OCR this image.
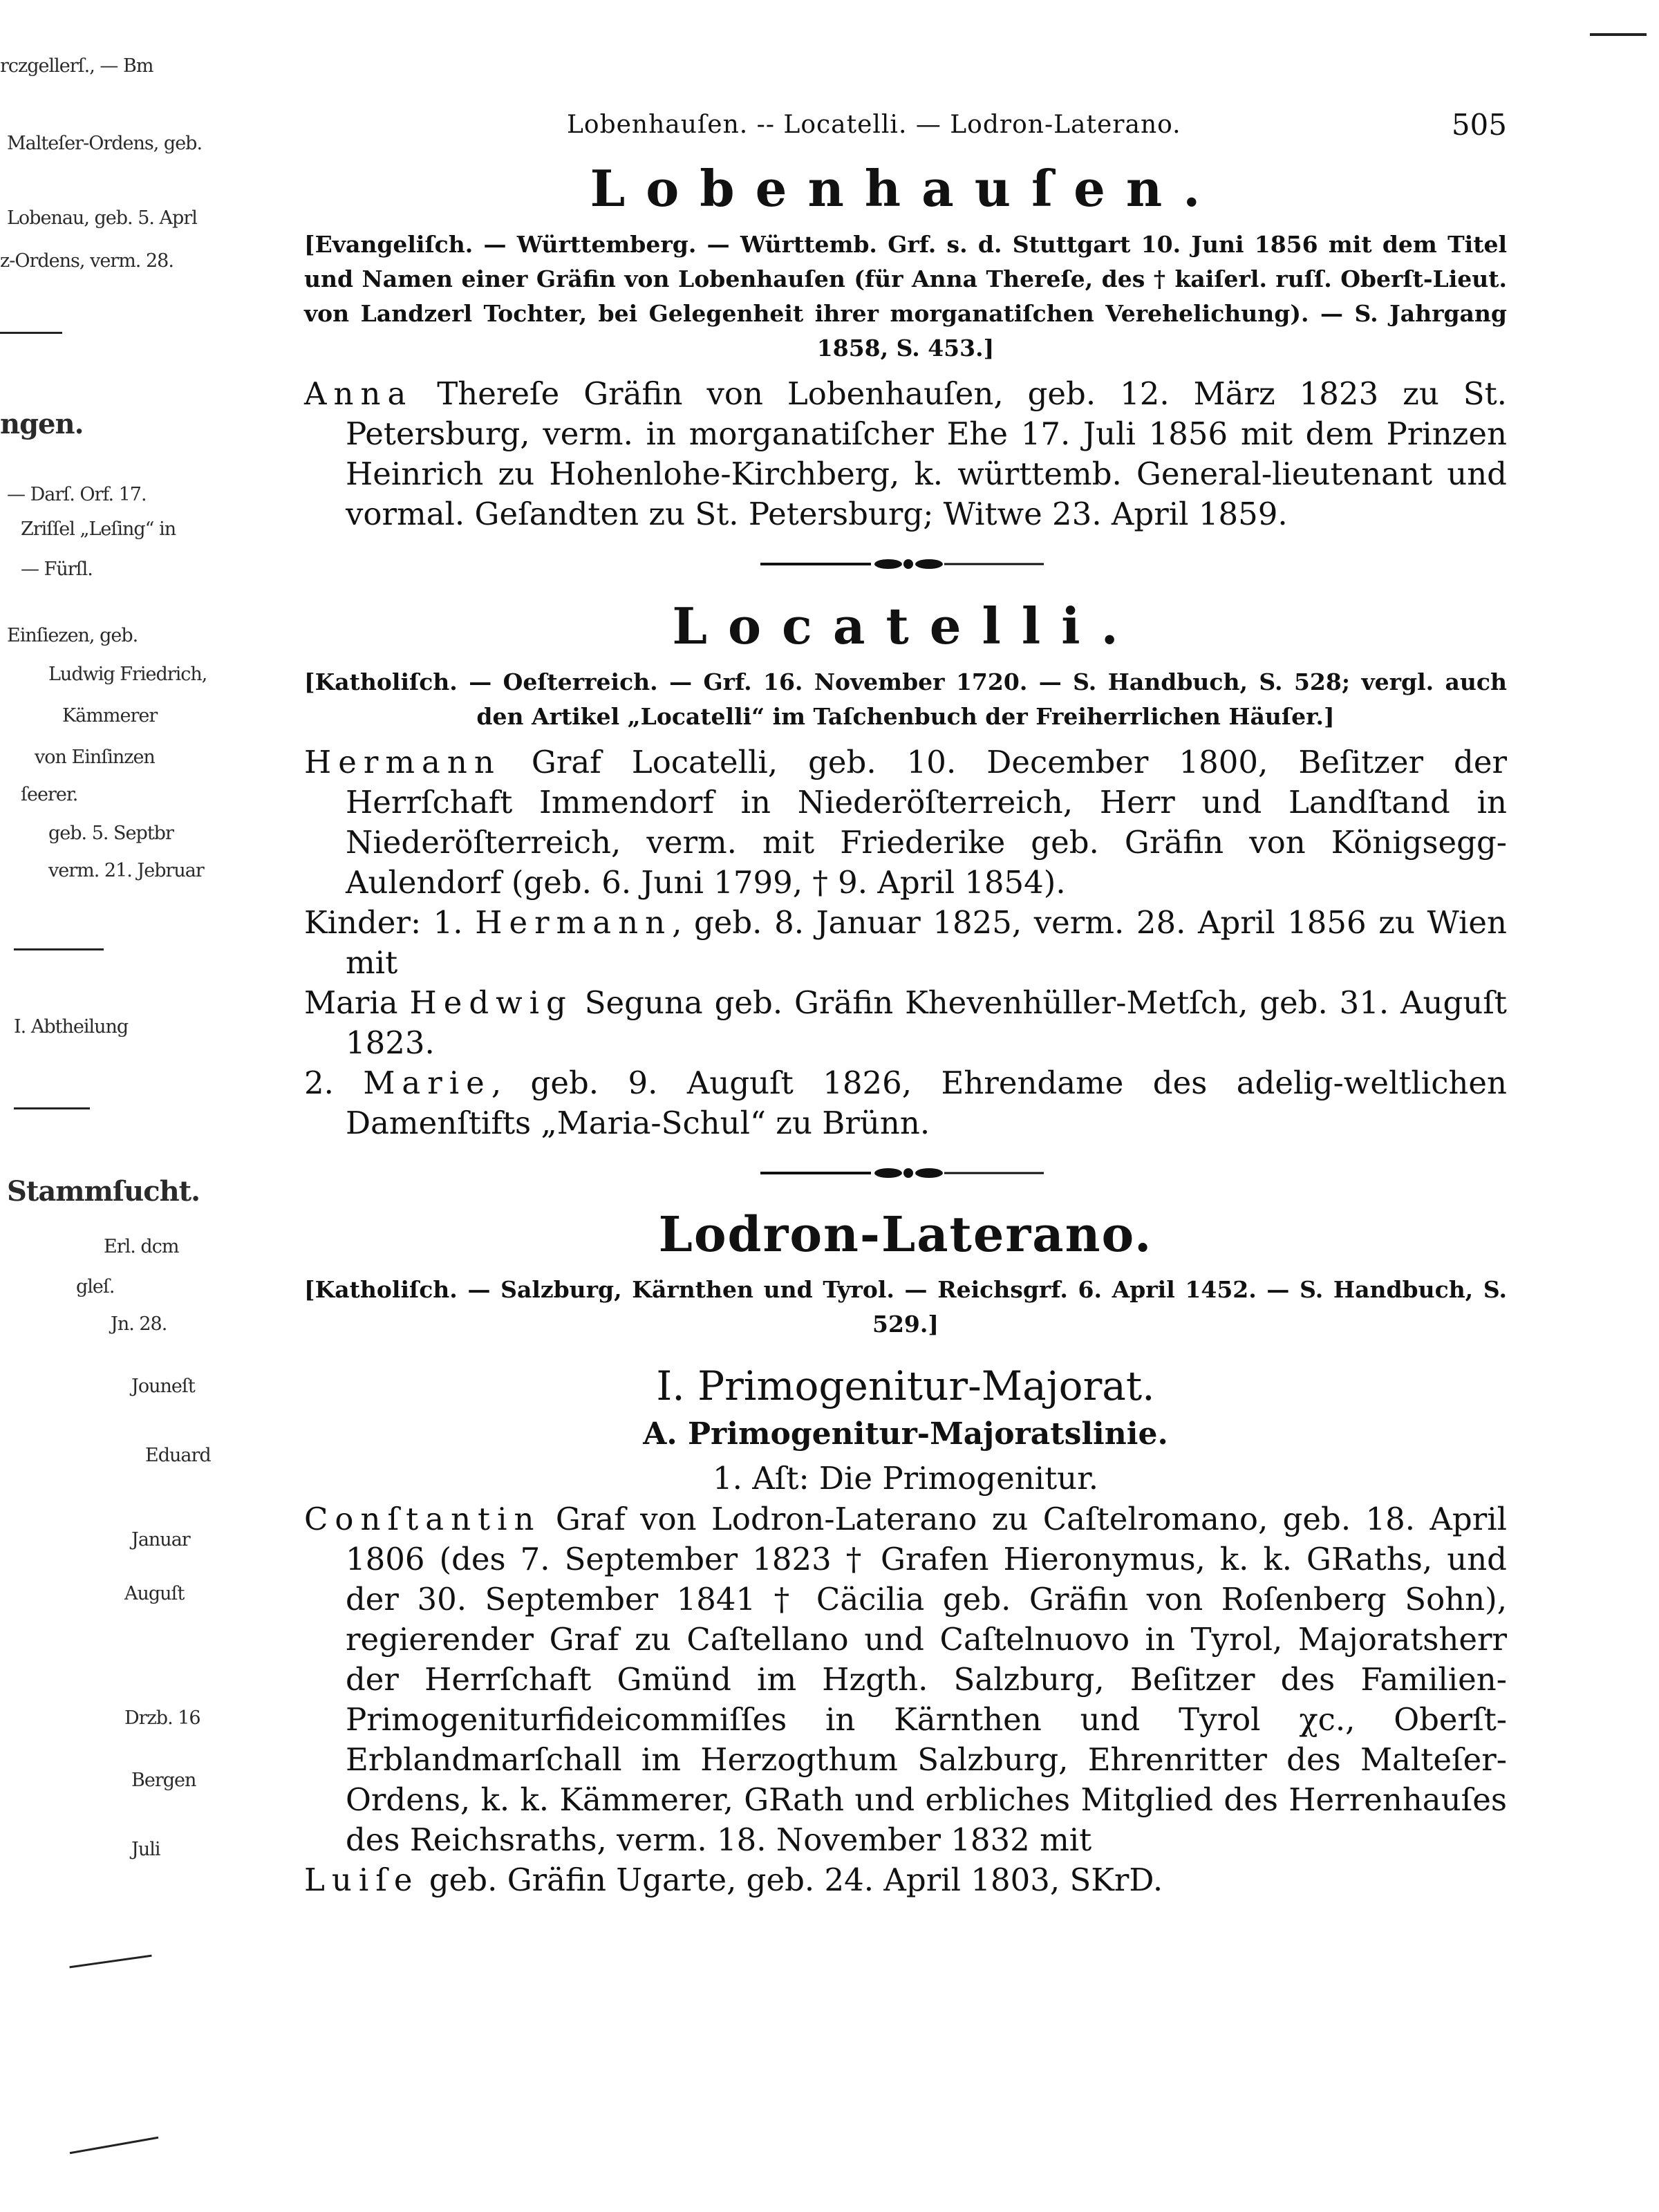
rczgellerſ., — Bm
Malteſer-Ordens, geb.
Lobenau, geb. 5. Aprl
z-Ordens, verm. 28.
ngen.
— Darſ. Orf. 17.
Zriſſel „Leſing“ in
— Fürſl.
Einſiezen, geb.
Ludwig Friedrich,
Kämmerer
von Einſinzen
ſeerer.
geb. 5. Septbr
verm. 21. Jebruar
I. Abtheilung
Stammſucht.
Erl. dcm
gleſ.
Jn. 28.
Jouneſt
Eduard
Januar
Auguſt
Drzb. 16
Bergen
Juli
Lobenhauſen. -- Locatelli. — Lodron-Laterano.	505
Lobenhauſen.

[Evangeliſch. — Württemberg. — Württemb. Grf. s. d. Stuttgart 10. Juni 1856 mit dem Titel und Namen einer Gräfin von Lobenhauſen (für Anna Thereſe, des † kaiſerl. ruſſ. Oberſt-Lieut. von Landzerl Tochter, bei Gelegenheit ihrer morganatiſchen Verehelichung). — S. Jahrgang 1858, S. 453.]

Anna Thereſe Gräfin von Lobenhauſen, geb. 12. März 1823 zu St. Petersburg, verm. in morganatiſcher Ehe 17. Juli 1856 mit dem Prinzen Heinrich zu Hohenlohe-Kirchberg, k. württemb. General-lieutenant und vormal. Geſandten zu St. Petersburg; Witwe 23. April 1859.

Locatelli.

[Katholiſch. — Oeſterreich. — Grf. 16. November 1720. — S. Handbuch, S. 528; vergl. auch den Artikel „Locatelli“ im Taſchenbuch der Freiherrlichen Häuſer.]

Hermann Graf Locatelli, geb. 10. December 1800, Beſitzer der Herrſchaft Immendorf in Niederöſterreich, Herr und Landſtand in Niederöſterreich, verm. mit Friederike geb. Gräfin von Königsegg-Aulendorf (geb. 6. Juni 1799, † 9. April 1854).

Kinder: 1. Hermann, geb. 8. Januar 1825, verm. 28. April 1856 zu Wien mit

Maria Hedwig Seguna geb. Gräfin Khevenhüller-Metſch, geb. 31. Auguſt 1823.

2. Marie, geb. 9. Auguſt 1826, Ehrendame des adelig-weltlichen Damenſtifts „Maria-Schul“ zu Brünn.

Lodron-Laterano.

[Katholiſch. — Salzburg, Kärnthen und Tyrol. — Reichsgrf. 6. April 1452. — S. Handbuch, S. 529.]

I. Primogenitur-Majorat.
A. Primogenitur-Majoratslinie.
1. Aſt: Die Primogenitur.

Conſtantin Graf von Lodron-Laterano zu Caſtelromano, geb. 18. April 1806 (des 7. September 1823 † Grafen Hieronymus, k. k. GRaths, und der 30. September 1841 † Cäcilia geb. Gräfin von Roſenberg Sohn), regierender Graf zu Caſtellano und Caſtelnuovo in Tyrol, Majoratsherr der Herrſchaft Gmünd im Hzgth. Salzburg, Beſitzer des Familien-Primogeniturfideicommiſſes in Kärnthen und Tyrol χc., Oberſt-Erblandmarſchall im Herzogthum Salzburg, Ehrenritter des Malteſer-Ordens, k. k. Kämmerer, GRath und erbliches Mitglied des Herrenhauſes des Reichsraths, verm. 18. November 1832 mit

Luiſe geb. Gräfin Ugarte, geb. 24. April 1803, SKrD.
